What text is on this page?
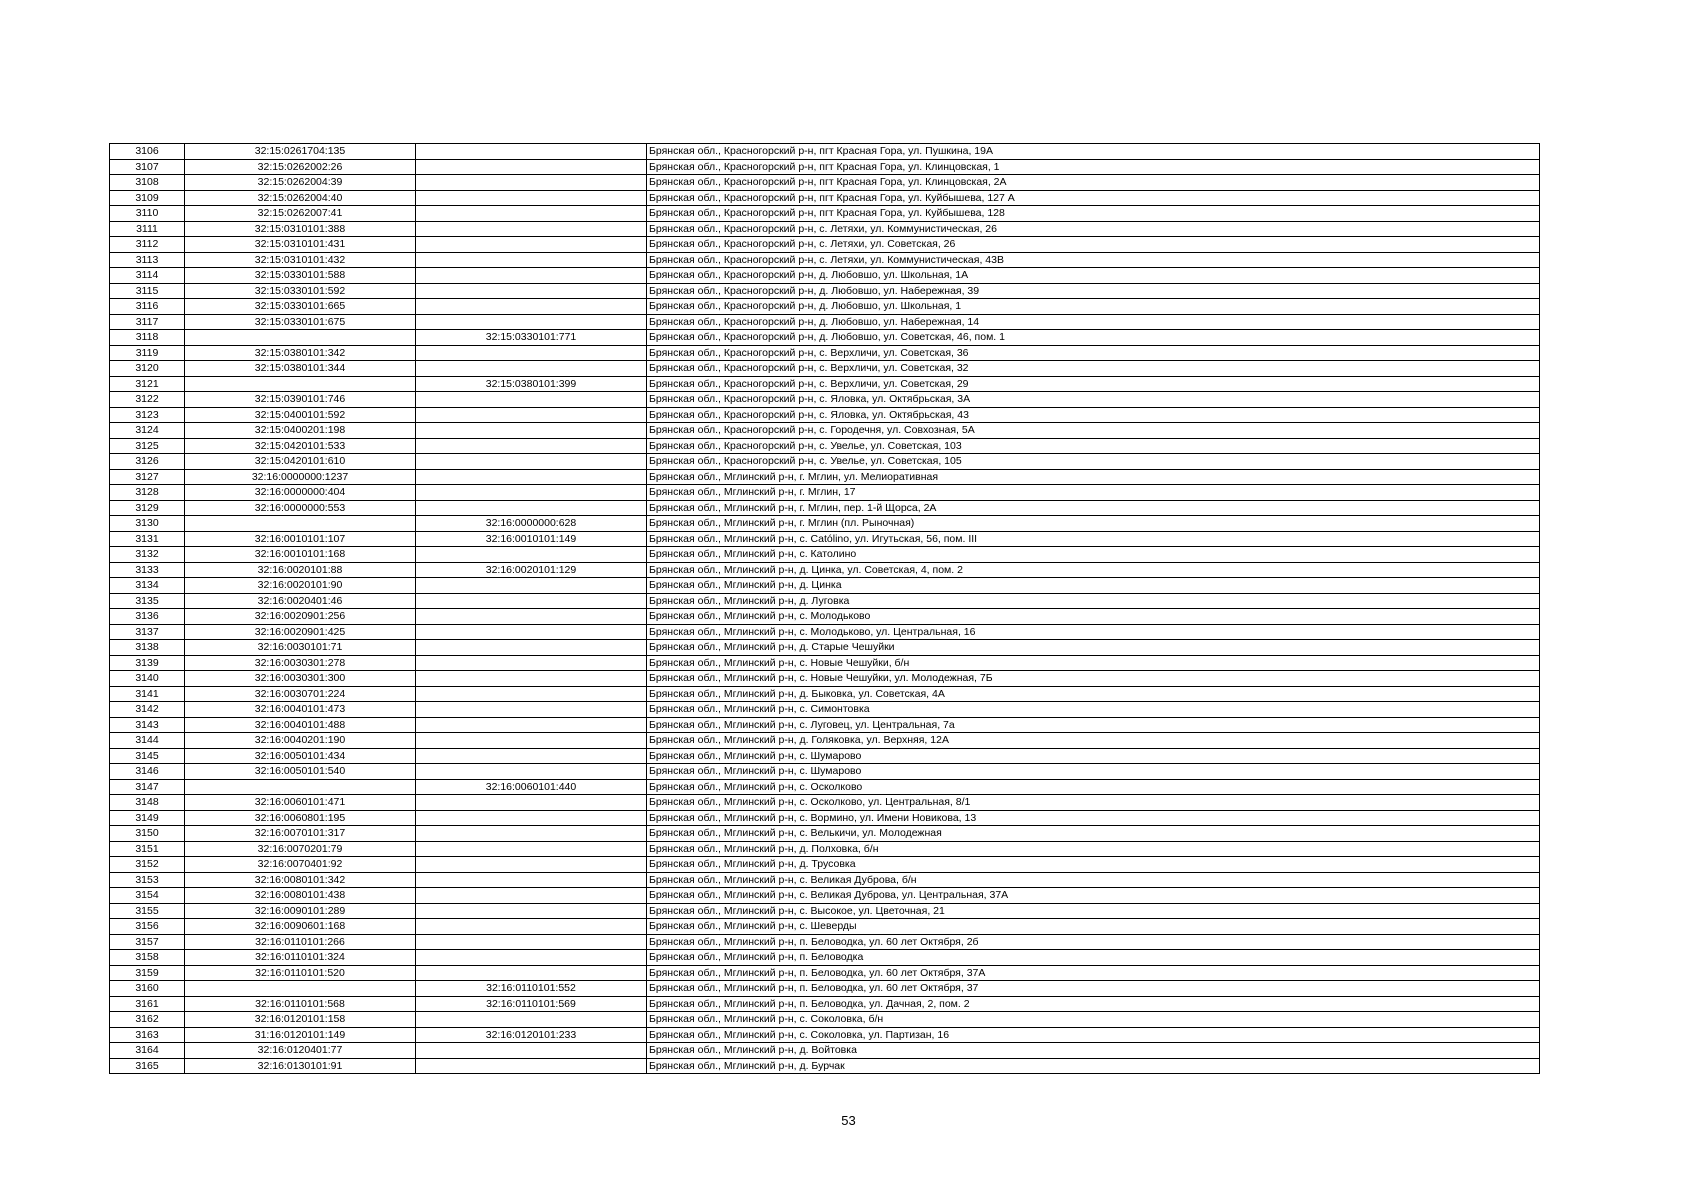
3106	32:15:0261704:135		Брянская обл., Красногорский р-н, пгт Красная Гора, ул. Пушкина, 19А
3107	32:15:0262002:26		Брянская обл., Красногорский р-н, пгт Красная Гора, ул. Клинцовская, 1
3108	32:15:0262004:39		Брянская обл., Красногорский р-н, пгт Красная Гора, ул. Клинцовская, 2А
3109	32:15:0262004:40		Брянская обл., Красногорский р-н, пгт Красная Гора, ул. Куйбышева, 127 А
3110	32:15:0262007:41		Брянская обл., Красногорский р-н, пгт Красная Гора, ул. Куйбышева, 128
3111	32:15:0310101:388		Брянская обл., Красногорский р-н, с. Летяхи, ул. Коммунистическая, 26
3112	32:15:0310101:431		Брянская обл., Красногорский р-н, с. Летяхи, ул. Советская, 26
3113	32:15:0310101:432		Брянская обл., Красногорский р-н, с. Летяхи, ул. Коммунистическая, 43В
3114	32:15:0330101:588		Брянская обл., Красногорский р-н, д. Любовшо, ул. Школьная, 1А
3115	32:15:0330101:592		Брянская обл., Красногорский р-н, д. Любовшо, ул. Набережная, 39
3116	32:15:0330101:665		Брянская обл., Красногорский р-н, д. Любовшо, ул. Школьная, 1
3117	32:15:0330101:675		Брянская обл., Красногорский р-н, д. Любовшо, ул. Набережная, 14
3118		32:15:0330101:771	Брянская обл., Красногорский р-н, д. Любовшо, ул. Советская, 46, пом. 1
3119	32:15:0380101:342		Брянская обл., Красногорский р-н, с. Верхличи, ул. Советская, 36
3120	32:15:0380101:344		Брянская обл., Красногорский р-н, с. Верхличи, ул. Советская, 32
3121		32:15:0380101:399	Брянская обл., Красногорский р-н, с. Верхличи, ул. Советская, 29
3122	32:15:0390101:746		Брянская обл., Красногорский р-н, с. Яловка, ул. Октябрьская, 3А
3123	32:15:0400101:592		Брянская обл., Красногорский р-н, с. Яловка, ул. Октябрьская, 43
3124	32:15:0400201:198		Брянская обл., Красногорский р-н, с. Городечня, ул. Совхозная, 5А
3125	32:15:0420101:533		Брянская обл., Красногорский р-н, с. Увелье, ул. Советская, 103
3126	32:15:0420101:610		Брянская обл., Красногорский р-н, с. Увелье, ул. Советская, 105
3127	32:16:0000000:1237		Брянская обл., Мглинский р-н, г. Мглин, ул. Мелиоративная
3128	32:16:0000000:404		Брянская обл., Мглинский р-н, г. Мглин, 17
3129	32:16:0000000:553		Брянская обл., Мглинский р-н, г. Мглин, пер. 1-й Щорса, 2А
3130		32:16:0000000:628	Брянская обл., Мглинский р-н, г. Мглин (пл. Рыночная)
3131	32:16:0010101:107	32:16:0010101:149	Брянская обл., Мглинский р-н, с. Católino, ул. Игутьская, 56, пом. III
3132	32:16:0010101:168		Брянская обл., Мглинский р-н, с. Католино
3133	32:16:0020101:88	32:16:0020101:129	Брянская обл., Мглинский р-н, д. Цинка, ул. Советская, 4, пом. 2
3134	32:16:0020101:90		Брянская обл., Мглинский р-н, д. Цинка
3135	32:16:0020401:46		Брянская обл., Мглинский р-н, д. Луговка
3136	32:16:0020901:256		Брянская обл., Мглинский р-н, с. Молодьково
3137	32:16:0020901:425		Брянская обл., Мглинский р-н, с. Молодьково, ул. Центральная, 16
3138	32:16:0030101:71		Брянская обл., Мглинский р-н, д. Старые Чешуйки
3139	32:16:0030301:278		Брянская обл., Мглинский р-н, с. Новые Чешуйки, б/н
3140	32:16:0030301:300		Брянская обл., Мглинский р-н, с. Новые Чешуйки, ул. Молодежная, 7Б
3141	32:16:0030701:224		Брянская обл., Мглинский р-н, д. Быковка, ул. Советская, 4А
3142	32:16:0040101:473		Брянская обл., Мглинский р-н, с. Симонтовка
3143	32:16:0040101:488		Брянская обл., Мглинский р-н, с. Луговец, ул. Центральная, 7а
3144	32:16:0040201:190		Брянская обл., Мглинский р-н, д. Голяковка, ул. Верхняя, 12А
3145	32:16:0050101:434		Брянская обл., Мглинский р-н, с. Шумарово
3146	32:16:0050101:540		Брянская обл., Мглинский р-н, с. Шумарово
3147		32:16:0060101:440	Брянская обл., Мглинский р-н, с. Осколково
3148	32:16:0060101:471		Брянская обл., Мглинский р-н, с. Осколково, ул. Центральная, 8/1
3149	32:16:0060801:195		Брянская обл., Мглинский р-н, с. Вормино, ул. Имени Новикова, 13
3150	32:16:0070101:317		Брянская обл., Мглинский р-н, с. Велькичи, ул. Молодежная
3151	32:16:0070201:79		Брянская обл., Мглинский р-н, д. Полховка, б/н
3152	32:16:0070401:92		Брянская обл., Мглинский р-н, д. Трусовка
3153	32:16:0080101:342		Брянская обл., Мглинский р-н, с. Великая Дуброва, б/н
3154	32:16:0080101:438		Брянская обл., Мглинский р-н, с. Великая Дуброва, ул. Центральная, 37А
3155	32:16:0090101:289		Брянская обл., Мглинский р-н, с. Высокое, ул. Цветочная, 21
3156	32:16:0090601:168		Брянская обл., Мглинский р-н, с. Шеверды
3157	32:16:0110101:266		Брянская обл., Мглинский р-н, п. Беловодка, ул. 60 лет Октября, 2б
3158	32:16:0110101:324		Брянская обл., Мглинский р-н, п. Беловодка
3159	32:16:0110101:520		Брянская обл., Мглинский р-н, п. Беловодка, ул. 60 лет Октября, 37А
3160		32:16:0110101:552	Брянская обл., Мглинский р-н, п. Беловодка, ул. 60 лет Октября, 37
3161	32:16:0110101:568	32:16:0110101:569	Брянская обл., Мглинский р-н, п. Беловодка, ул. Дачная, 2, пом. 2
3162	32:16:0120101:158		Брянская обл., Мглинский р-н, с. Соколовка, б/н
3163	31:16:0120101:149	32:16:0120101:233	Брянская обл., Мглинский р-н, с. Соколовка, ул. Партизан, 16
3164	32:16:0120401:77		Брянская обл., Мглинский р-н, д. Войтовка
3165	32:16:0130101:91		Брянская обл., Мглинский р-н, д. Бурчак
53
